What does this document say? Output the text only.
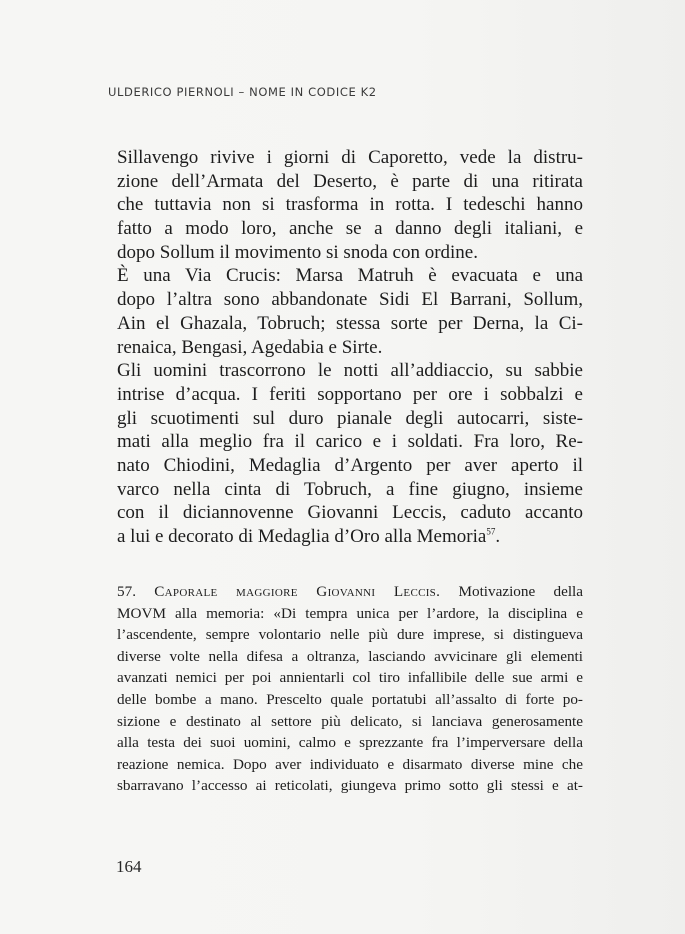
ULDERICO PIERNOLI – NOME IN CODICE K2
Sillavengo rivive i giorni di Caporetto, vede la distru-
zione dell’Armata del Deserto, è parte di una ritirata
che tuttavia non si trasforma in rotta. I tedeschi hanno
fatto a modo loro, anche se a danno degli italiani, e
dopo Sollum il movimento si snoda con ordine.
È una Via Crucis: Marsa Matruh è evacuata e una
dopo l’altra sono abbandonate Sidi El Barrani, Sollum,
Ain el Ghazala, Tobruch; stessa sorte per Derna, la Ci-
renaica, Bengasi, Agedabia e Sirte.
Gli uomini trascorrono le notti all’addiaccio, su sabbie
intrise d’acqua. I feriti sopportano per ore i sobbalzi e
gli scuotimenti sul duro pianale degli autocarri, siste-
mati alla meglio fra il carico e i soldati. Fra loro, Re-
nato Chiodini, Medaglia d’Argento per aver aperto il
varco nella cinta di Tobruch, a fine giugno, insieme
con il diciannovenne Giovanni Leccis, caduto accanto
a lui e decorato di Medaglia d’Oro alla Memoria$^{57}$.
57. Caporale maggiore Giovanni Leccis. Motivazione della
MOVM alla memoria: «Di tempra unica per l’ardore, la disciplina e
l’ascendente, sempre volontario nelle più dure imprese, si distingueva
diverse volte nella difesa a oltranza, lasciando avvicinare gli elementi
avanzati nemici per poi annientarli col tiro infallibile delle sue armi e
delle bombe a mano. Prescelto quale portatubi all’assalto di forte po-
sizione e destinato al settore più delicato, si lanciava generosamente
alla testa dei suoi uomini, calmo e sprezzante fra l’imperversare della
reazione nemica. Dopo aver individuato e disarmato diverse mine che
sbarravano l’accesso ai reticolati, giungeva primo sotto gli stessi e at-
164
